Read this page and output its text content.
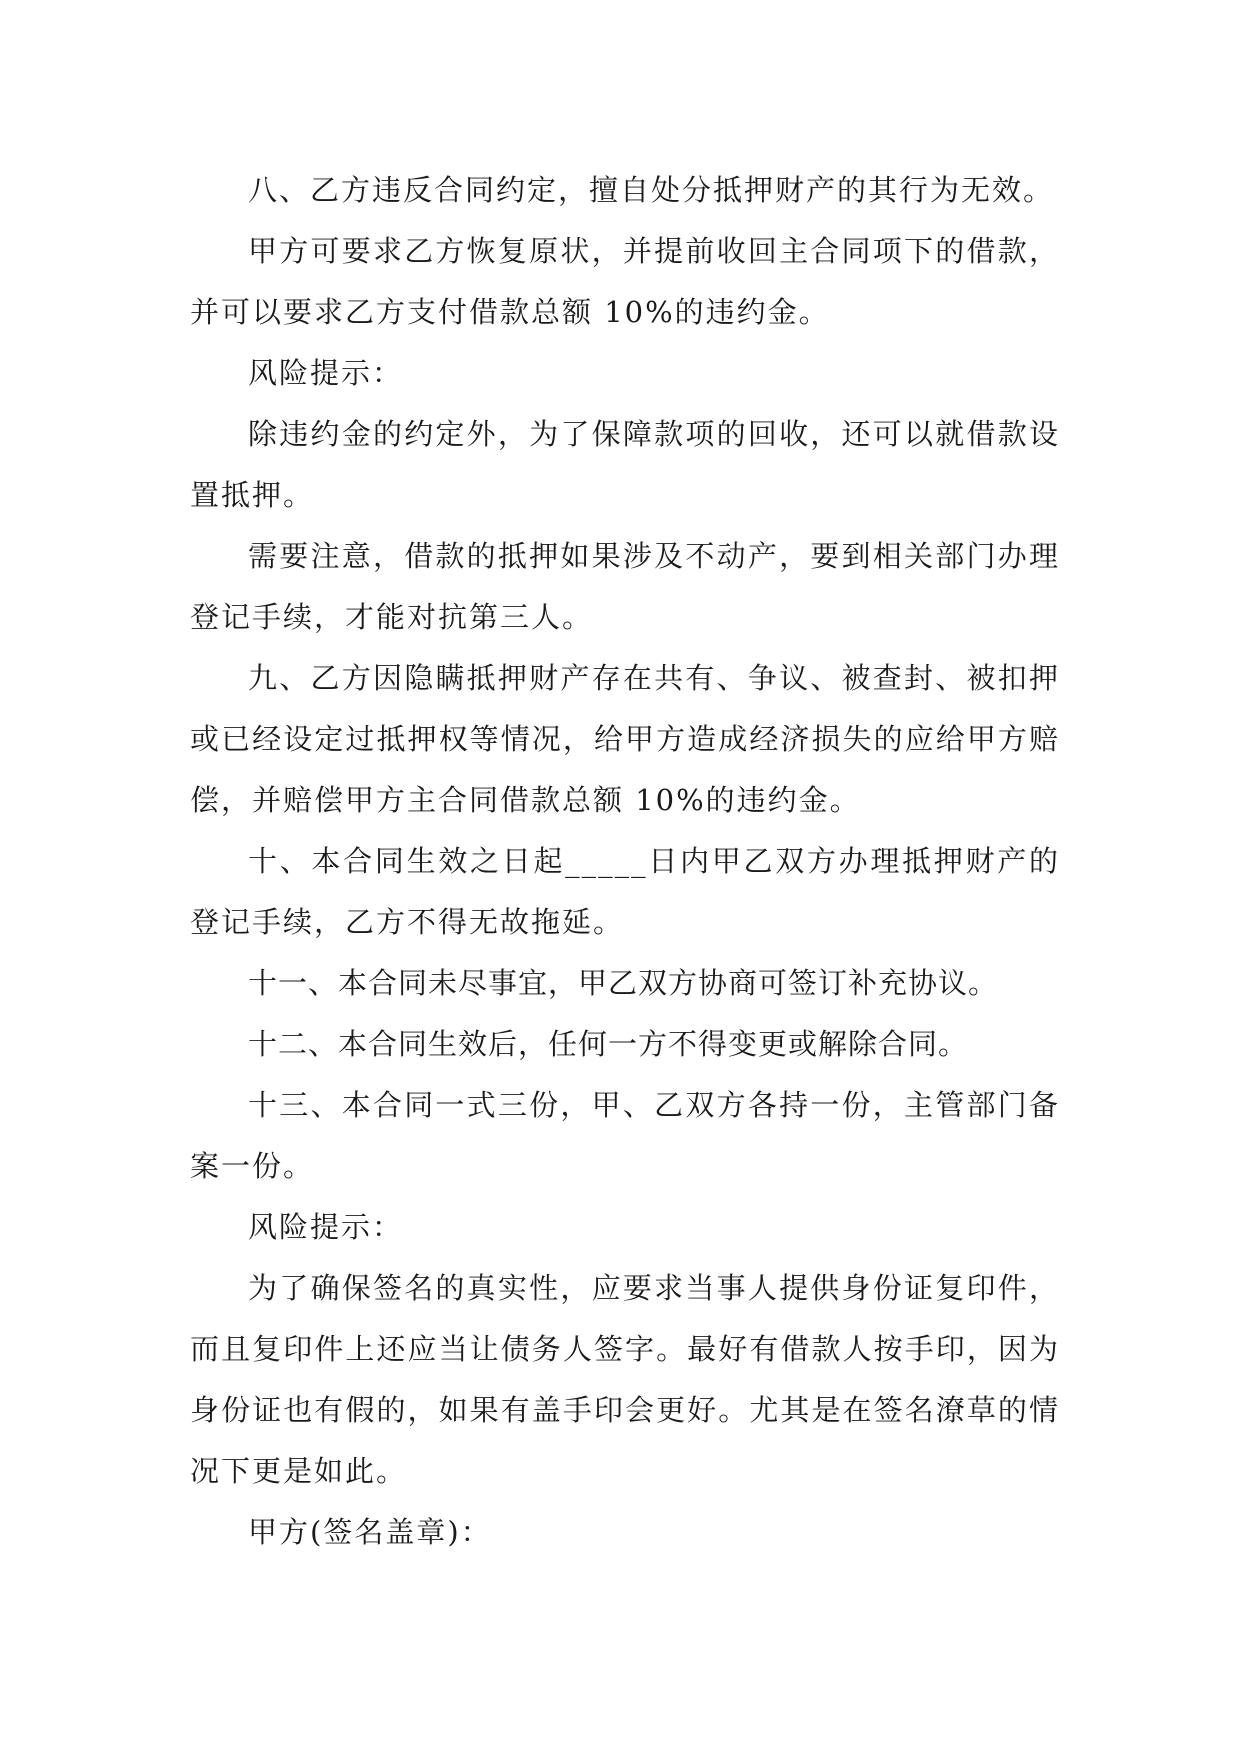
八、乙方违反合同约定，擅自处分抵押财产的其行为无效。

甲方可要求乙方恢复原状，并提前收回主合同项下的借款，并可以要求乙方支付借款总额 10%的违约金。

风险提示：

除违约金的约定外，为了保障款项的回收，还可以就借款设置抵押。

需要注意，借款的抵押如果涉及不动产，要到相关部门办理登记手续，才能对抗第三人。

九、乙方因隐瞒抵押财产存在共有、争议、被查封、被扣押或已经设定过抵押权等情况，给甲方造成经济损失的应给甲方赔偿，并赔偿甲方主合同借款总额 10%的违约金。

十、本合同生效之日起_____日内甲乙双方办理抵押财产的登记手续，乙方不得无故拖延。

十一、本合同未尽事宜，甲乙双方协商可签订补充协议。

十二、本合同生效后，任何一方不得变更或解除合同。

十三、本合同一式三份，甲、乙双方各持一份，主管部门备案一份。

风险提示：

为了确保签名的真实性，应要求当事人提供身份证复印件，而且复印件上还应当让债务人签字。最好有借款人按手印，因为身份证也有假的，如果有盖手印会更好。尤其是在签名潦草的情况下更是如此。

甲方(签名盖章)：
